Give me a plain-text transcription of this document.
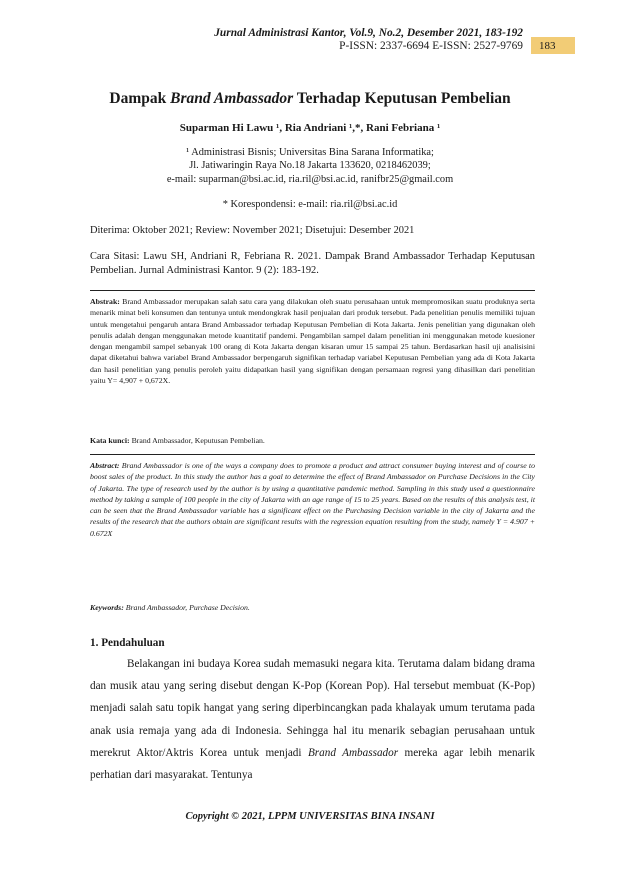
Jurnal Administrasi Kantor, Vol.9, No.2, Desember 2021, 183-192
P-ISSN: 2337-6694 E-ISSN: 2527-9769 183
Dampak Brand Ambassador Terhadap Keputusan Pembelian
Suparman Hi Lawu ¹, Ria Andriani ¹,*, Rani Febriana ¹
¹ Administrasi Bisnis; Universitas Bina Sarana Informatika;
Jl. Jatiwaringin Raya No.18 Jakarta 133620, 0218462039;
e-mail: suparman@bsi.ac.id, ria.ril@bsi.ac.id, ranifbr25@gmail.com
* Korespondensi: e-mail: ria.ril@bsi.ac.id
Diterima: Oktober 2021; Review: November 2021; Disetujui: Desember 2021
Cara Sitasi: Lawu SH, Andriani R, Febriana R. 2021. Dampak Brand Ambassador Terhadap Keputusan Pembelian. Jurnal Administrasi Kantor. 9 (2): 183-192.
Abstrak: Brand Ambassador merupakan salah satu cara yang dilakukan oleh suatu perusahaan untuk mempromosikan suatu produknya serta menarik minat beli konsumen dan tentunya untuk mendongkrak hasil penjualan dari produk tersebut. Pada penelitian penulis memiliki tujuan untuk mengetahui pengaruh antara Brand Ambassador terhadap Keputusan Pembelian di Kota Jakarta. Jenis penelitian yang digunakan oleh penulis adalah dengan menggunakan metode kuantitatif pandemi. Pengambilan sampel dalam penelitian ini menggunakan metode kuesioner dengan mengambil sampel sebanyak 100 orang di Kota Jakarta dengan kisaran umur 15 sampai 25 tahun. Berdasarkan hasil uji analisisini dapat diketahui bahwa variabel Brand Ambassador berpengaruh signifikan terhadap variabel Keputusan Pembelian yang ada di Kota Jakarta dan hasil penelitian yang penulis peroleh yaitu didapatkan hasil yang signifikan dengan persamaan regresi yang dihasilkan dari penelitian yaitu Y= 4,907 + 0,672X.
Kata kunci: Brand Ambassador, Keputusan Pembelian.
Abstract: Brand Ambassador is one of the ways a company does to promote a product and attract consumer buying interest and of course to boost sales of the product. In this study the author has a goal to determine the effect of Brand Ambassador on Purchase Decisions in the City of Jakarta. The type of research used by the author is by using a quantitative pandemic method. Sampling in this study used a questionnaire method by taking a sample of 100 people in the city of Jakarta with an age range of 15 to 25 years. Based on the results of this analysis test, it can be seen that the Brand Ambassador variable has a significant effect on the Purchasing Decision variable in the city of Jakarta and the results of the research that the authors obtain are significant results with the regression equation resulting from the study, namely Y = 4.907 + 0.672X
Keywords: Brand Ambassador, Purchase Decision.
1. Pendahuluan

Belakangan ini budaya Korea sudah memasuki negara kita. Terutama dalam bidang drama dan musik atau yang sering disebut dengan K-Pop (Korean Pop). Hal tersebut membuat (K-Pop) menjadi salah satu topik hangat yang sering diperbincangkan pada khalayak umum terutama pada anak usia remaja yang ada di Indonesia. Sehingga hal itu menarik sebagian perusahaan untuk merekrut Aktor/Aktris Korea untuk menjadi Brand Ambassador mereka agar lebih menarik perhatian dari masyarakat. Tentunya

Copyright © 2021, LPPM UNIVERSITAS BINA INSANI
